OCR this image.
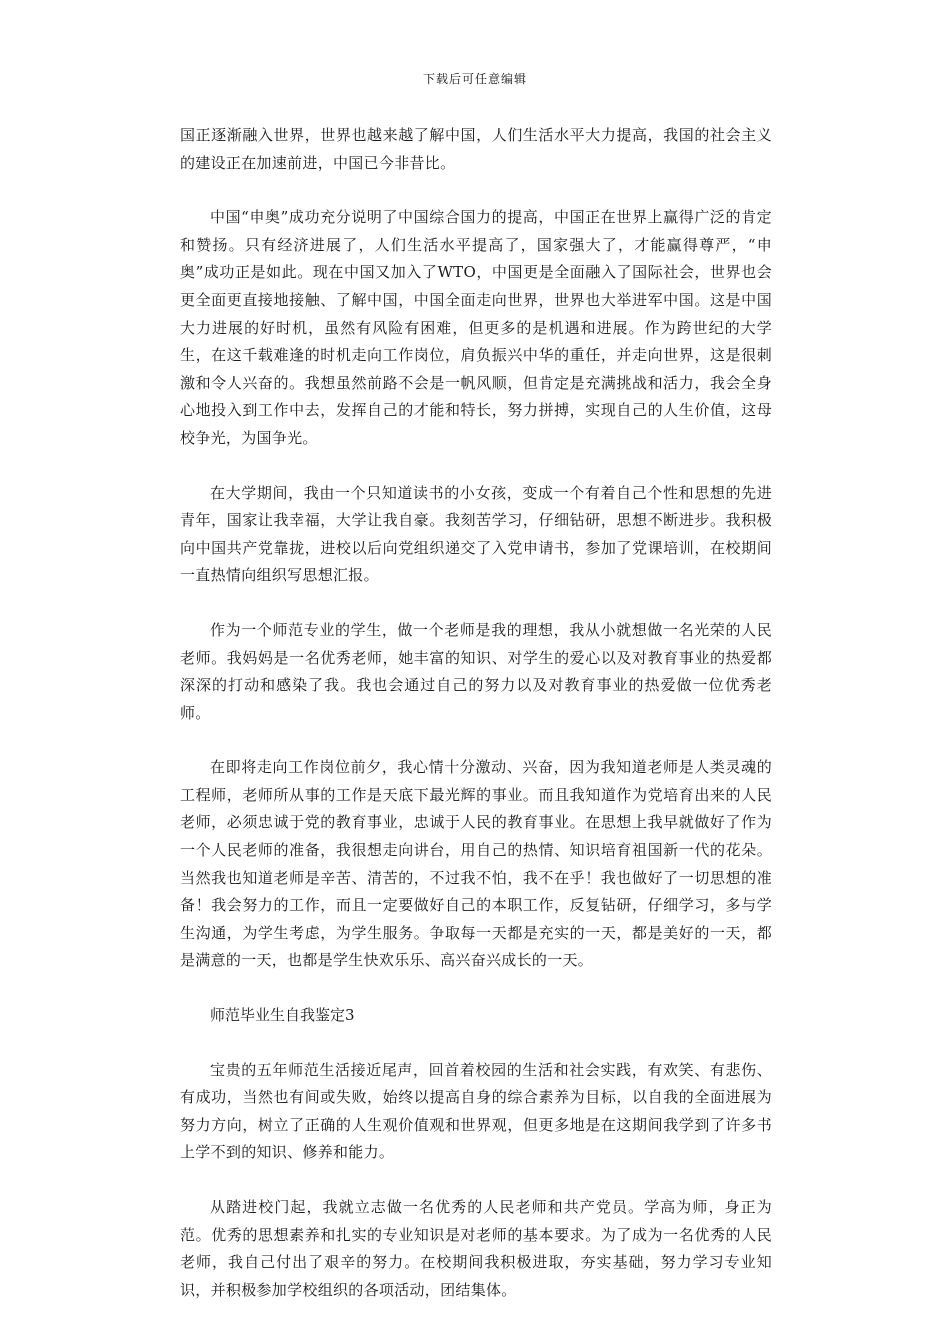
下载后可任意编辑

国正逐渐融入世界，世界也越来越了解中国，人们生活水平大力提高，我国的社会主义的建设正在加速前进，中国已今非昔比。

中国“申奥”成功充分说明了中国综合国力的提高，中国正在世界上赢得广泛的肯定和赞扬。只有经济进展了，人们生活水平提高了，国家强大了，才能赢得尊严，“申奥”成功正是如此。现在中国又加入了WTO，中国更是全面融入了国际社会，世界也会更全面更直接地接触、了解中国，中国全面走向世界，世界也大举进军中国。这是中国大力进展的好时机，虽然有风险有困难，但更多的是机遇和进展。作为跨世纪的大学生，在这千载难逢的时机走向工作岗位，肩负振兴中华的重任，并走向世界，这是很刺激和令人兴奋的。我想虽然前路不会是一帆风顺，但肯定是充满挑战和活力，我会全身心地投入到工作中去，发挥自己的才能和特长，努力拼搏，实现自己的人生价值，这母校争光，为国争光。

在大学期间，我由一个只知道读书的小女孩，变成一个有着自己个性和思想的先进青年，国家让我幸福，大学让我自豪。我刻苦学习，仔细钻研，思想不断进步。我积极向中国共产党靠拢，进校以后向党组织递交了入党申请书，参加了党课培训，在校期间一直热情向组织写思想汇报。

作为一个师范专业的学生，做一个老师是我的理想，我从小就想做一名光荣的人民老师。我妈妈是一名优秀老师，她丰富的知识、对学生的爱心以及对教育事业的热爱都深深的打动和感染了我。我也会通过自己的努力以及对教育事业的热爱做一位优秀老师。

在即将走向工作岗位前夕，我心情十分激动、兴奋，因为我知道老师是人类灵魂的工程师，老师所从事的工作是天底下最光辉的事业。而且我知道作为党培育出来的人民老师，必须忠诚于党的教育事业，忠诚于人民的教育事业。在思想上我早就做好了作为一个人民老师的准备，我很想走向讲台，用自己的热情、知识培育祖国新一代的花朵。当然我也知道老师是辛苦、清苦的，不过我不怕，我不在乎！我也做好了一切思想的准备！我会努力的工作，而且一定要做好自己的本职工作，反复钻研，仔细学习，多与学生沟通，为学生考虑，为学生服务。争取每一天都是充实的一天，都是美好的一天，都是满意的一天，也都是学生快欢乐乐、高兴奋兴成长的一天。

师范毕业生自我鉴定3

宝贵的五年师范生活接近尾声，回首着校园的生活和社会实践，有欢笑、有悲伤、有成功，当然也有间或失败，始终以提高自身的综合素养为目标，以自我的全面进展为努力方向，树立了正确的人生观价值观和世界观，但更多地是在这期间我学到了许多书上学不到的知识、修养和能力。

从踏进校门起，我就立志做一名优秀的人民老师和共产党员。学高为师，身正为范。优秀的思想素养和扎实的专业知识是对老师的基本要求。为了成为一名优秀的人民老师，我自己付出了艰辛的努力。在校期间我积极进取，夯实基础，努力学习专业知识，并积极参加学校组织的各项活动，团结集体。
